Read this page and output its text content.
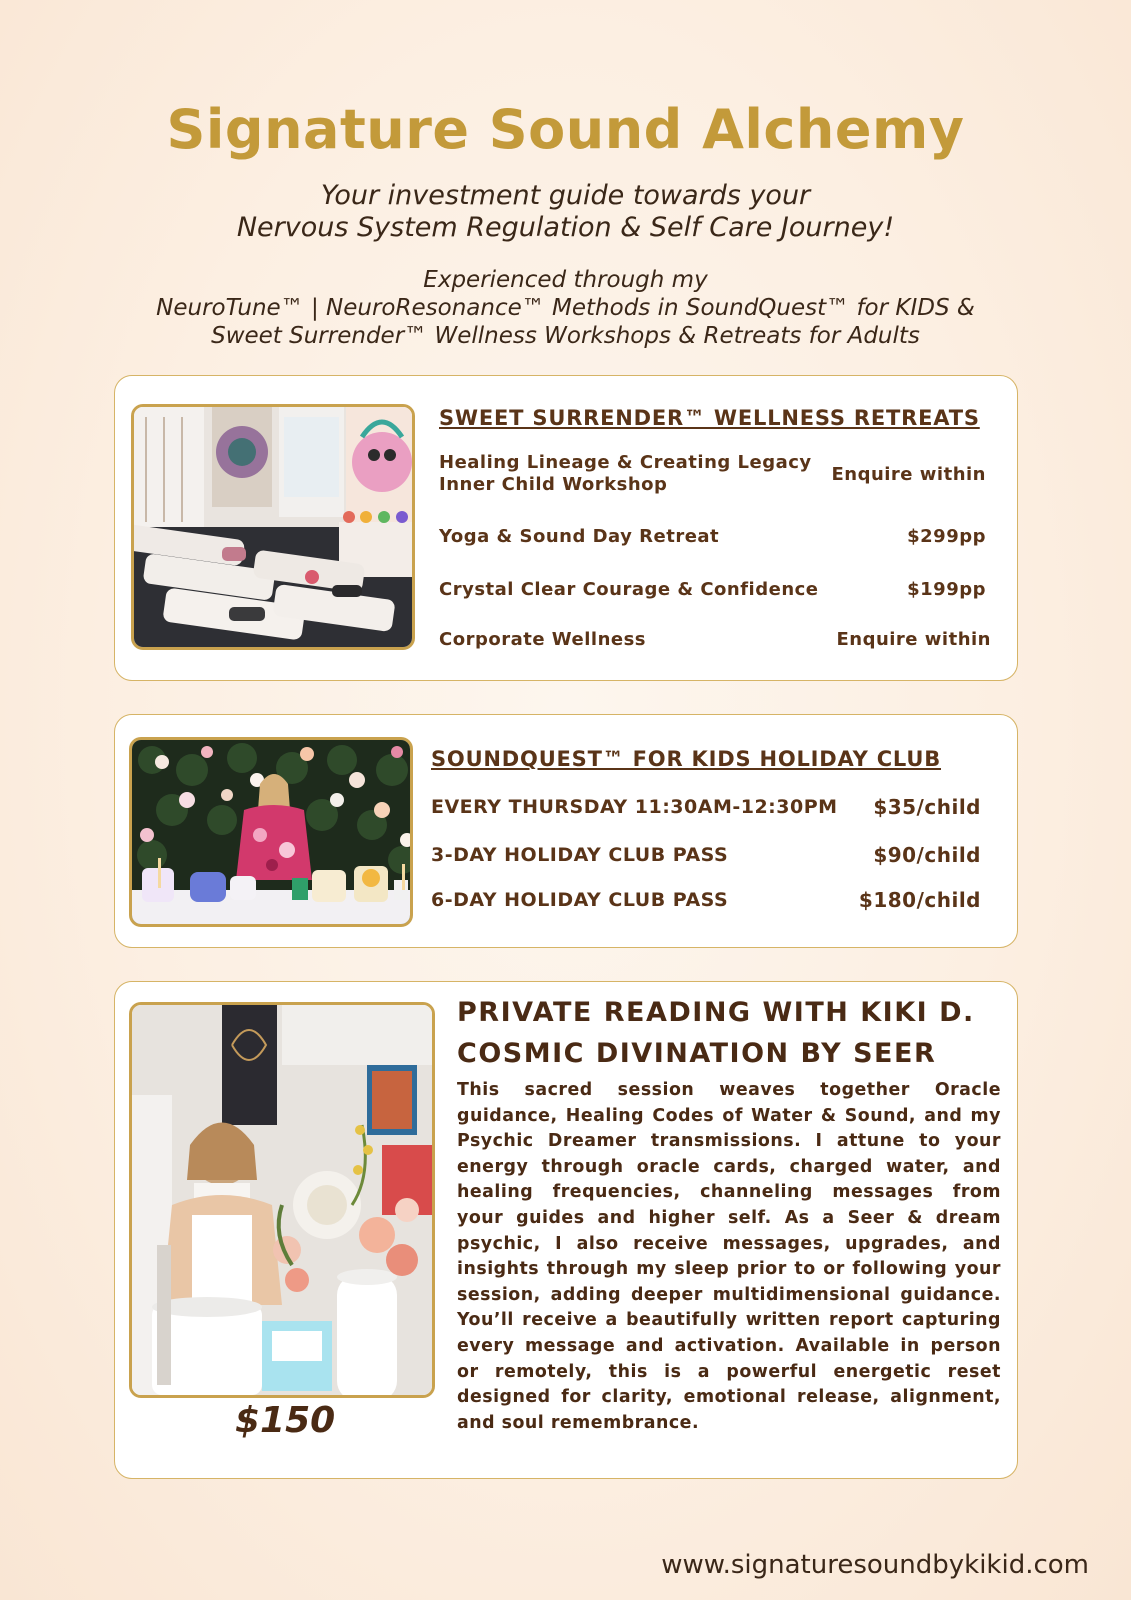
Signature Sound Alchemy
Your investment guide towards your
Nervous System Regulation & Self Care Journey!
Experienced through my
NeuroTune™ | NeuroResonance™ Methods in SoundQuest™ for KIDS &
Sweet Surrender™ Wellness Workshops & Retreats for Adults
SWEET SURRENDER™ WELLNESS RETREATS
Healing Lineage & Creating Legacy
Inner Child Workshop	Enquire within
Yoga & Sound Day Retreat	$299pp
Crystal Clear Courage & Confidence	$199pp
Corporate Wellness	Enquire within
SOUNDQUEST™ FOR KIDS HOLIDAY CLUB
EVERY THURSDAY 11:30AM-12:30PM $35/child
3-DAY HOLIDAY CLUB PASS	$90/child
6-DAY HOLIDAY CLUB PASS	$180/child
$150
PRIVATE READING WITH KIKI D.
COSMIC DIVINATION BY SEER
This sacred session weaves together Oracle guidance, Healing Codes of Water & Sound, and my Psychic Dreamer transmissions. I attune to your energy through oracle cards, charged water, and healing frequencies, channeling messages from your guides and higher self. As a Seer & dream psychic, I also receive messages, upgrades, and insights through my sleep prior to or following your session, adding deeper multidimensional guidance. You’ll receive a beautifully written report capturing every message and activation. Available in person or remotely, this is a powerful energetic reset designed for clarity, emotional release, alignment, and soul remembrance.
www.signaturesoundbykikid.com
